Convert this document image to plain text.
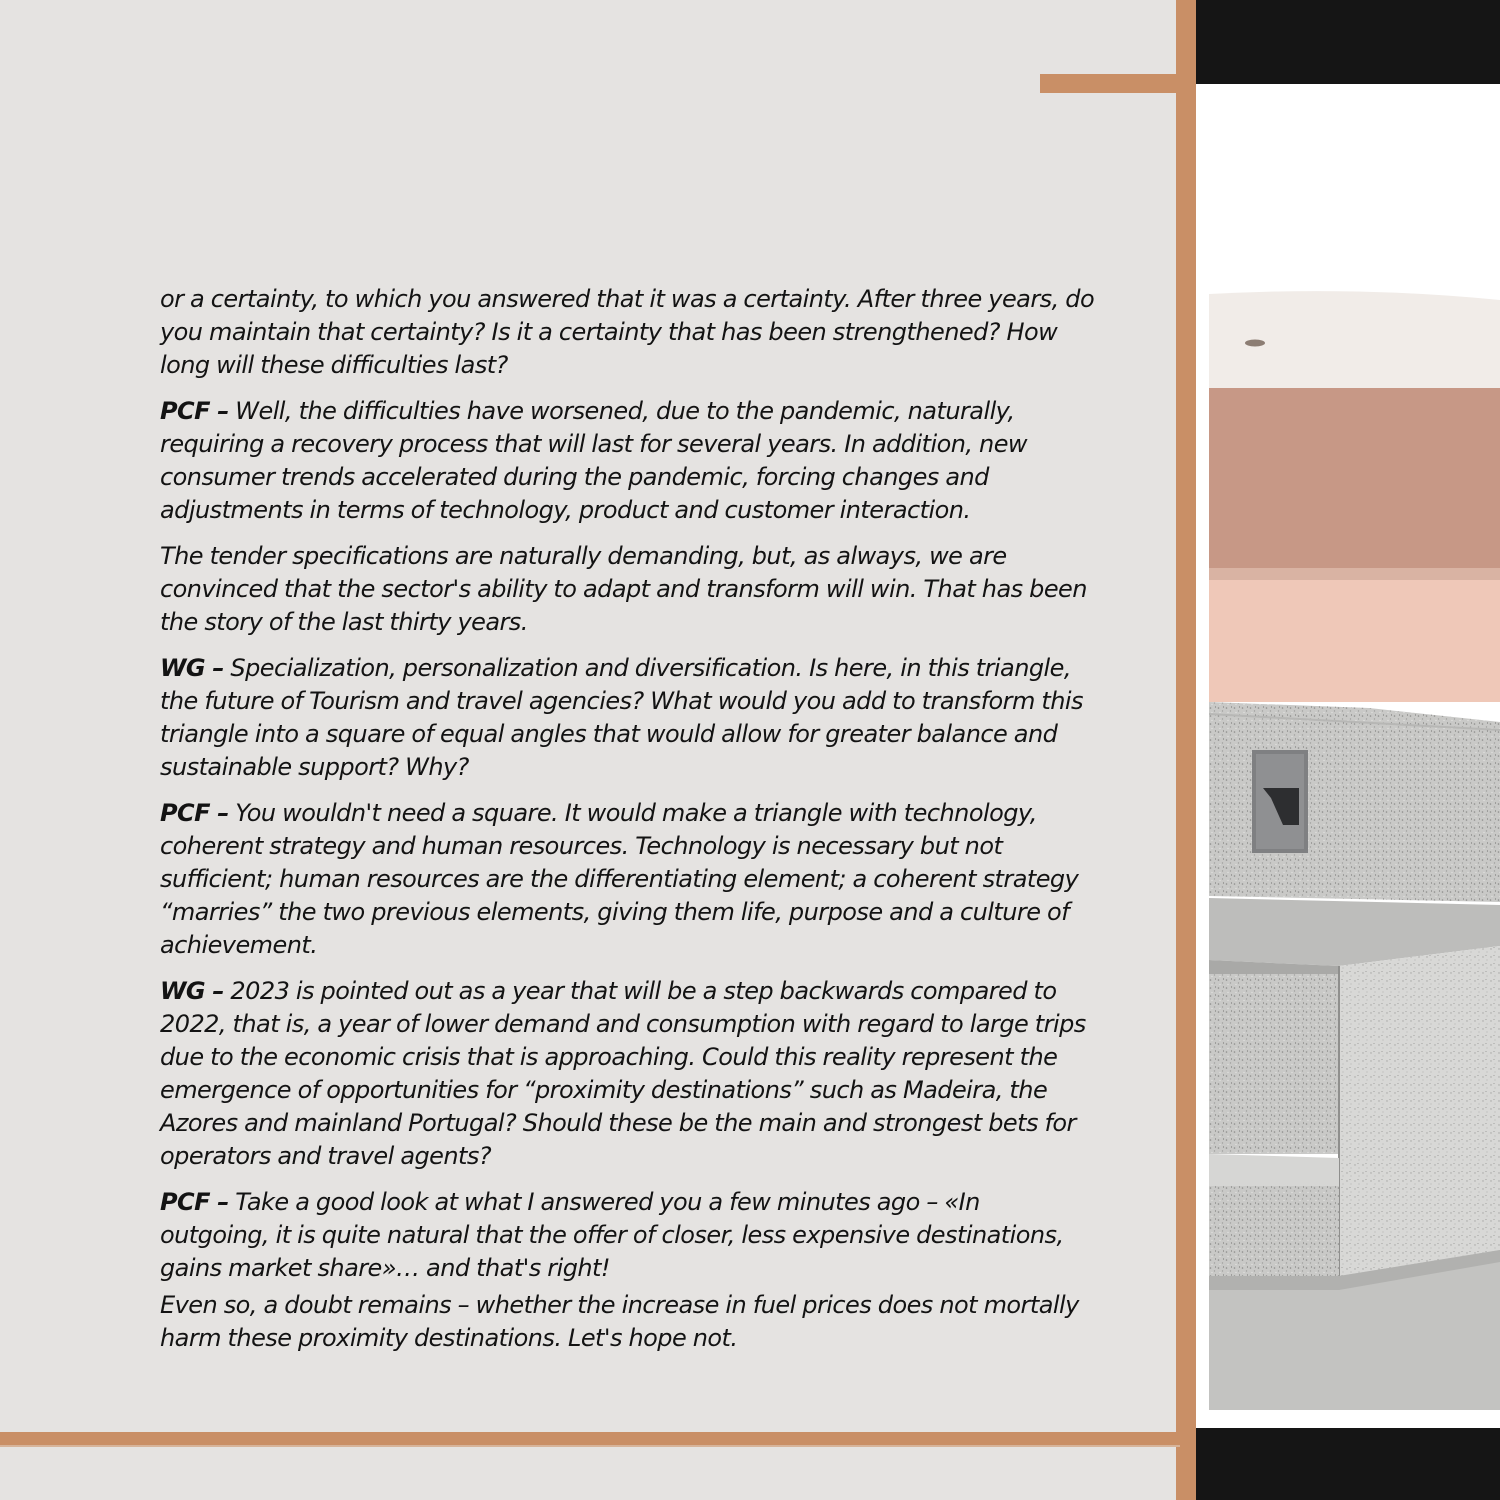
or a certainty, to which you answered that it was a certainty. After three years, do you maintain that certainty? Is it a certainty that has been strengthened? How long will these difficulties last?

PCF – Well, the difficulties have worsened, due to the pandemic, naturally, requiring a recovery process that will last for several years. In addition, new consumer trends accelerated during the pandemic, forcing changes and adjustments in terms of technology, product and customer interaction.

The tender specifications are naturally demanding, but, as always, we are convinced that the sector's ability to adapt and transform will win. That has been the story of the last thirty years.

WG – Specialization, personalization and diversification. Is here, in this triangle, the future of Tourism and travel agencies? What would you add to transform this triangle into a square of equal angles that would allow for greater balance and sustainable support? Why?

PCF – You wouldn't need a square. It would make a triangle with technology, coherent strategy and human resources. Technology is necessary but not sufficient; human resources are the differentiating element; a coherent strategy “marries” the two previous elements, giving them life, purpose and a culture of achievement.

WG – 2023 is pointed out as a year that will be a step backwards compared to 2022, that is, a year of lower demand and consumption with regard to large trips due to the economic crisis that is approaching. Could this reality represent the emergence of opportunities for “proximity destinations” such as Madeira, the Azores and mainland Portugal? Should these be the main and strongest bets for operators and travel agents?

PCF – Take a good look at what I answered you a few minutes ago – «In outgoing, it is quite natural that the offer of closer, less expensive destinations, gains market share»… and that's right!

Even so, a doubt remains – whether the increase in fuel prices does not mortally harm these proximity destinations. Let's hope not.
